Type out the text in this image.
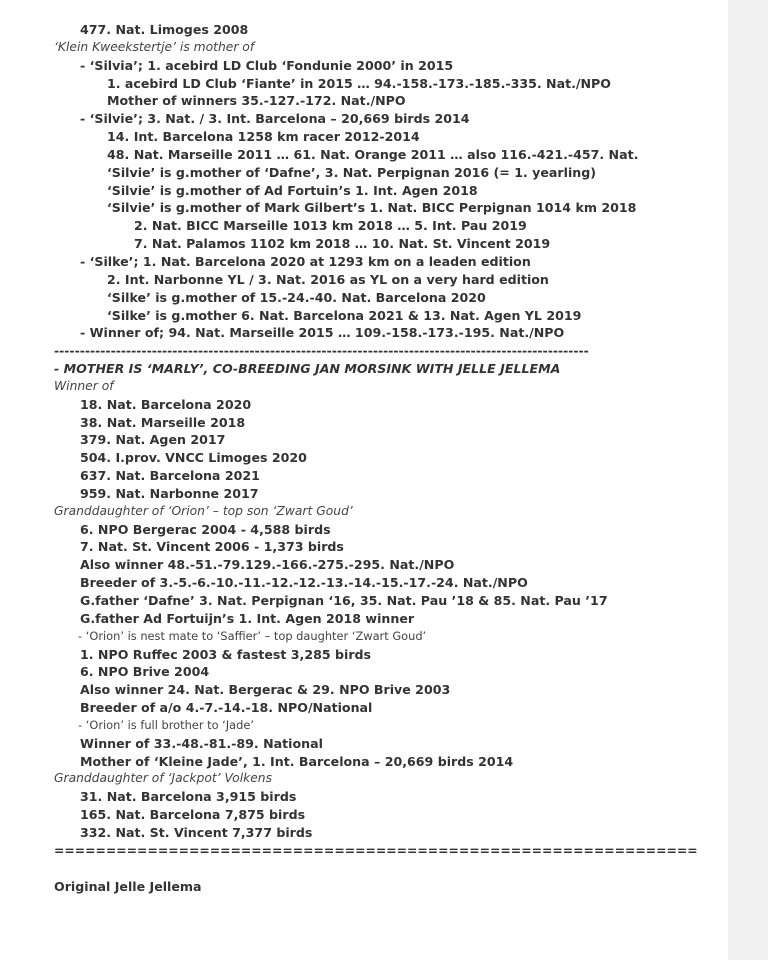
477. Nat. Limoges 2008
‘Klein Kweekstertje’ is mother of
- ‘Silvia’; 1. acebird LD Club ‘Fondunie 2000’ in 2015
1. acebird LD Club ‘Fiante’ in 2015 … 94.-158.-173.-185.-335. Nat./NPO
Mother of winners 35.-127.-172. Nat./NPO
- ‘Silvie’; 3. Nat. / 3. Int. Barcelona – 20,669 birds 2014
14. Int. Barcelona 1258 km racer 2012-2014
48. Nat. Marseille 2011 … 61. Nat. Orange 2011 … also 116.-421.-457. Nat.
‘Silvie’ is g.mother of ‘Dafne’, 3. Nat. Perpignan 2016 (= 1. yearling)
‘Silvie’ is g.mother of Ad Fortuin’s 1. Int. Agen 2018
‘Silvie’ is g.mother of Mark Gilbert’s 1. Nat. BICC Perpignan 1014 km 2018
2. Nat. BICC Marseille 1013 km 2018 … 5. Int. Pau 2019
7. Nat. Palamos 1102 km 2018 … 10. Nat. St. Vincent 2019
- ‘Silke’; 1. Nat. Barcelona 2020 at 1293 km on a leaden edition
2. Int. Narbonne YL / 3. Nat. 2016 as YL on a very hard edition
‘Silke’ is g.mother of 15.-24.-40. Nat. Barcelona 2020
‘Silke’ is g.mother 6. Nat. Barcelona 2021 & 13. Nat. Agen YL 2019
- Winner of; 94. Nat. Marseille 2015 … 109.-158.-173.-195. Nat./NPO
--------------------------------------------------------------------------------------------------------
- MOTHER IS ‘MARLY’, CO-BREEDING JAN MORSINK WITH JELLE JELLEMA
Winner of
18. Nat. Barcelona 2020
38. Nat. Marseille 2018
379. Nat. Agen 2017
504. I.prov. VNCC Limoges 2020
637. Nat. Barcelona 2021
959. Nat. Narbonne 2017
Granddaughter of ‘Orion’ – top son ‘Zwart Goud’
6. NPO Bergerac 2004 - 4,588 birds
7. Nat. St. Vincent 2006 - 1,373 birds
Also winner 48.-51.-79.129.-166.-275.-295. Nat./NPO
Breeder of 3.-5.-6.-10.-11.-12.-12.-13.-14.-15.-17.-24. Nat./NPO
G.father ‘Dafne’ 3. Nat. Perpignan ‘16, 35. Nat. Pau ’18 & 85. Nat. Pau ’17
G.father Ad Fortuijn’s 1. Int. Agen 2018 winner
- ‘Orion’ is nest mate to ‘Saffier’ – top daughter ‘Zwart Goud’
1. NPO Ruffec 2003 & fastest 3,285 birds
6. NPO Brive 2004
Also winner 24. Nat. Bergerac & 29. NPO Brive 2003
Breeder of a/o 4.-7.-14.-18. NPO/National
- ‘Orion’ is full brother to ‘Jade’
Winner of 33.-48.-81.-89. National
Mother of ‘Kleine Jade’, 1. Int. Barcelona – 20,669 birds 2014
Granddaughter of ‘Jackpot’ Volkens
31. Nat. Barcelona 3,915 birds
165. Nat. Barcelona 7,875 birds
332. Nat. St. Vincent 7,377 birds
==============================================================
Original Jelle Jellema
